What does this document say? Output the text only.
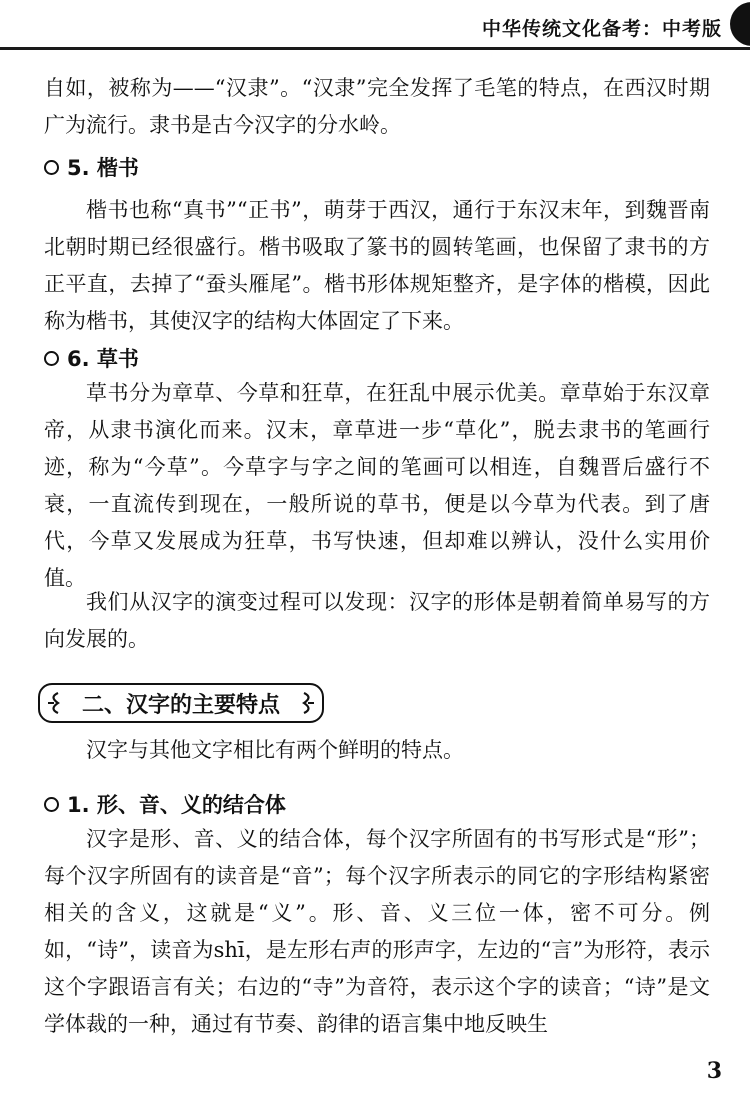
中华传统文化备考：中考版

自如，被称为——“汉隶”。“汉隶”完全发挥了毛笔的特点，在西汉时期广为流行。隶书是古今汉字的分水岭。

5. 楷书

楷书也称“真书”“正书”，萌芽于西汉，通行于东汉末年，到魏晋南北朝时期已经很盛行。楷书吸取了篆书的圆转笔画，也保留了隶书的方正平直，去掉了“蚕头雁尾”。楷书形体规矩整齐，是字体的楷模，因此称为楷书，其使汉字的结构大体固定了下来。

6. 草书

草书分为章草、今草和狂草，在狂乱中展示优美。章草始于东汉章帝，从隶书演化而来。汉末，章草进一步“草化”，脱去隶书的笔画行迹，称为“今草”。今草字与字之间的笔画可以相连，自魏晋后盛行不衰，一直流传到现在，一般所说的草书，便是以今草为代表。到了唐代，今草又发展成为狂草，书写快速，但却难以辨认，没什么实用价值。

我们从汉字的演变过程可以发现：汉字的形体是朝着简单易写的方向发展的。

二、汉字的主要特点

汉字与其他文字相比有两个鲜明的特点。

1. 形、音、义的结合体

汉字是形、音、义的结合体，每个汉字所固有的书写形式是“形”；每个汉字所固有的读音是“音”；每个汉字所表示的同它的字形结构紧密相关的含义，这就是“义”。形、音、义三位一体，密不可分。例如，“诗”，读音为shī，是左形右声的形声字，左边的“言”为形符，表示这个字跟语言有关；右边的“寺”为音符，表示这个字的读音；“诗”是文学体裁的一种，通过有节奏、韵律的语言集中地反映生

3
